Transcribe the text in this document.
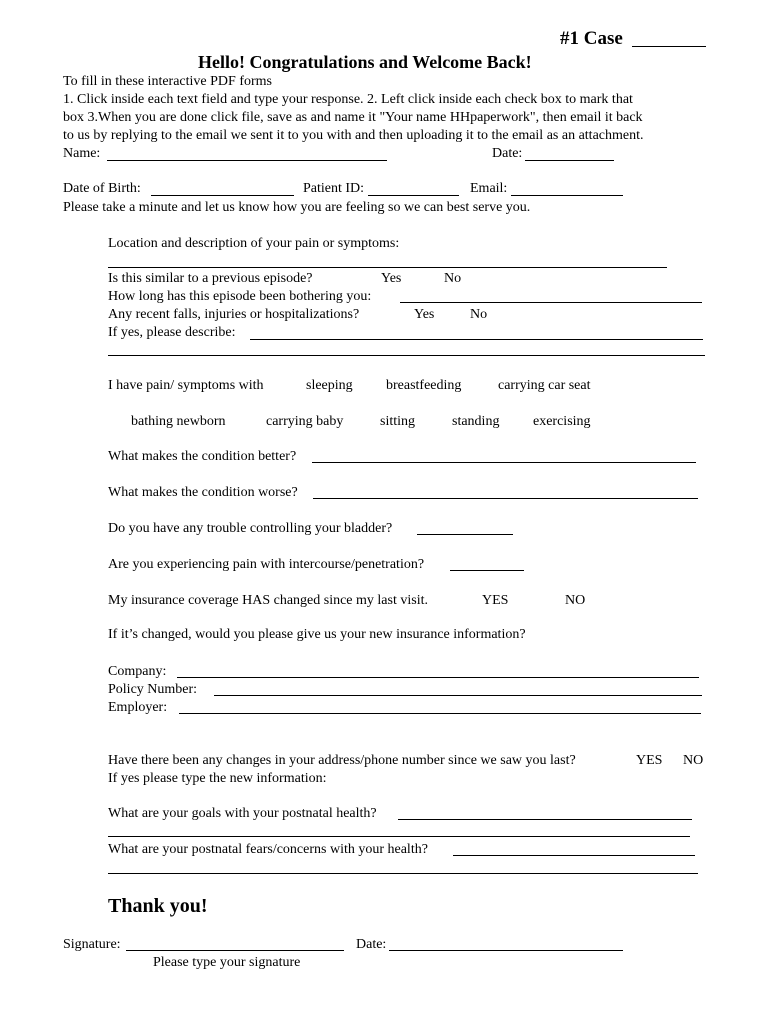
#1 Case
Hello! Congratulations and Welcome Back!
To fill in these interactive PDF forms
1. Click inside each text field and type your response. 2. Left click inside each check box to mark that
box 3.When you are done click file, save as and name it "Your name HHpaperwork", then email it back
to us by replying to the email we sent it to you with and then uploading it to the email as an attachment.
Name:	Date:
Date of Birth:	Patient ID:	Email:
Please take a minute and let us know how you are feeling so we can best serve you.
Location and description of your pain or symptoms:
Is this similar to a previous episode?	Yes	No
How long has this episode been bothering you:
Any recent falls, injuries or hospitalizations?	Yes	No
If yes, please describe:
I have pain/ symptoms with	sleeping breastfeeding	carrying car seat
bathing newborn	carrying baby	sitting	standing exercising
What makes the condition better?
What makes the condition worse?
Do you have any trouble controlling your bladder?
Are you experiencing pain with intercourse/penetration?
My insurance coverage HAS changed since my last visit.	YES	NO
If it’s changed, would you please give us your new insurance information?
Company:
Policy Number:
Employer:
Have there been any changes in your address/phone number since we saw you last?	YES NO
If yes please type the new information:
What are your goals with your postnatal health?
What are your postnatal fears/concerns with your health?
Thank you!
Signature:	Date:
Please type your signature
